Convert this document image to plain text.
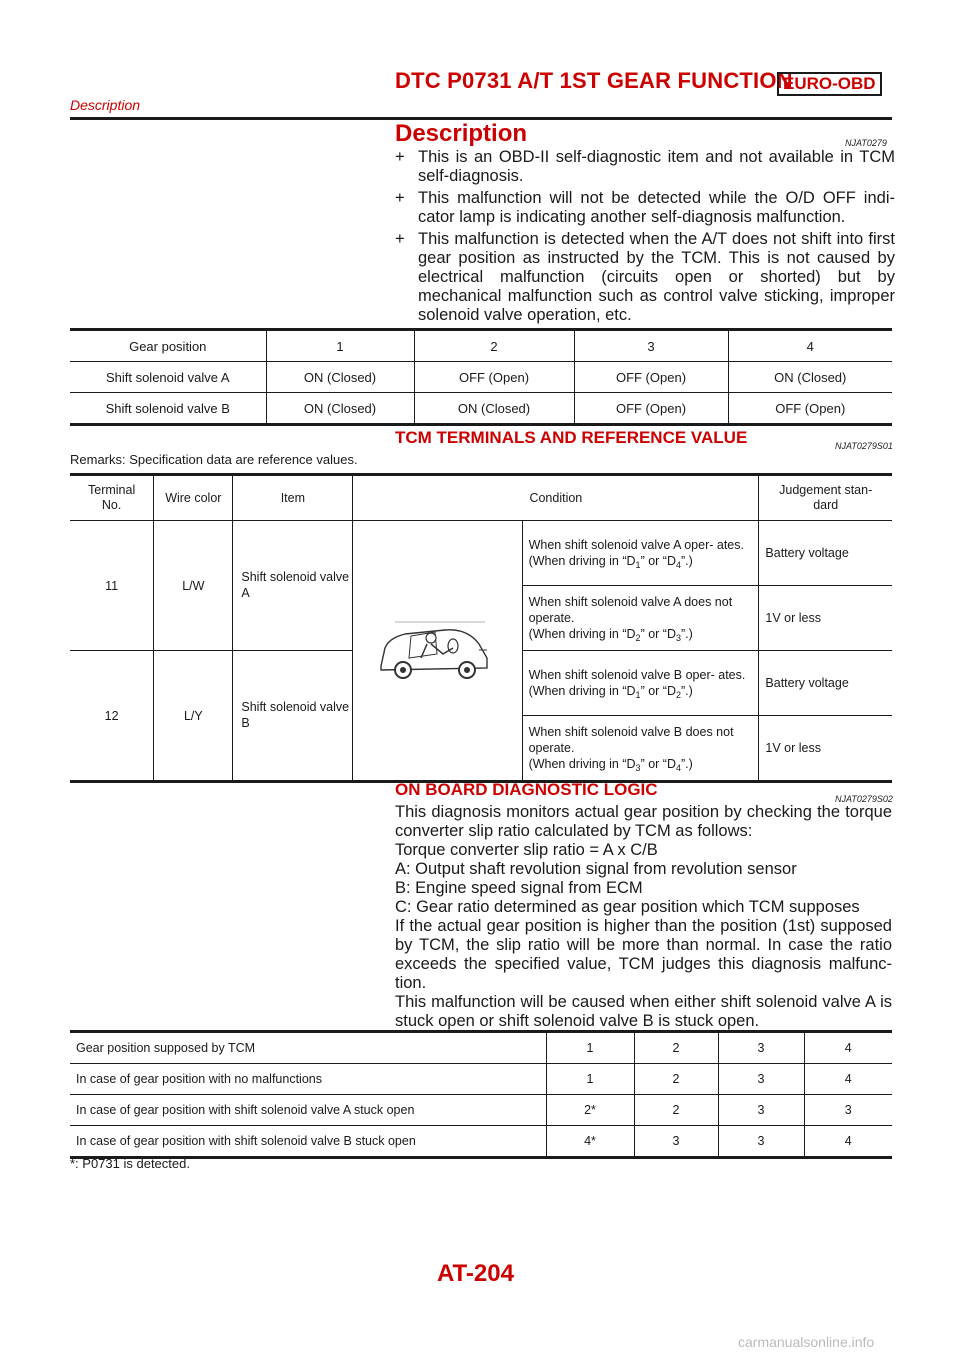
DTC P0731 A/T 1ST GEAR FUNCTION
EURO-OBD
Description
Description	NJAT0279
+ This is an OBD-II self-diagnostic item and not available in TCM self-diagnosis.
+ This malfunction will not be detected while the O/D OFF indi- cator lamp is indicating another self-diagnosis malfunction.
+ This malfunction is detected when the A/T does not shift into first gear position as instructed by the TCM. This is not caused by electrical malfunction (circuits open or shorted) but by mechanical malfunction such as control valve sticking, improper solenoid valve operation, etc.
Gear position	1	2	3	4
Shift solenoid valve A	ON (Closed)	OFF (Open)	OFF (Open)	ON (Closed)
Shift solenoid valve B	ON (Closed)	ON (Closed)	OFF (Open)	OFF (Open)
TCM TERMINALS AND REFERENCE VALUE	NJAT0279S01
Remarks: Specification data are reference values.
Terminal No.	Wire color	Item	Condition		Judgement stan- dard
11	L/W	Shift solenoid valve A		When shift solenoid valve A oper- ates.
(When driving in “$D_1$” or “$D_4$”.)	Battery voltage

				When shift solenoid valve A does not operate.
(When driving in “$D_2$” or “$D_3$”.)	1V or less
12	L/Y	Shift solenoid valve B		When shift solenoid valve B oper- ates.
(When driving in “$D_1$” or “$D_2$”.)	Battery voltage

				When shift solenoid valve B does not operate.
(When driving in “$D_3$” or “$D_4$”.)	1V or less
ON BOARD DIAGNOSTIC LOGIC	NJAT0279S02
This diagnosis monitors actual gear position by checking the torque converter slip ratio calculated by TCM as follows:
Torque converter slip ratio = A x C/B
A: Output shaft revolution signal from revolution sensor
B: Engine speed signal from ECM
C: Gear ratio determined as gear position which TCM supposes
If the actual gear position is higher than the position (1st) supposed by TCM, the slip ratio will be more than normal. In case the ratio exceeds the specified value, TCM judges this diagnosis malfunc- tion.
This malfunction will be caused when either shift solenoid valve A is stuck open or shift solenoid valve B is stuck open.
Gear position supposed by TCM	1	2	3	4
In case of gear position with no malfunctions	1	2	3	4
In case of gear position with shift solenoid valve A stuck open	2*	2	3	3
In case of gear position with shift solenoid valve B stuck open	4*	3	3	4
*: P0731 is detected.
AT-204
carmanualsonline.info
